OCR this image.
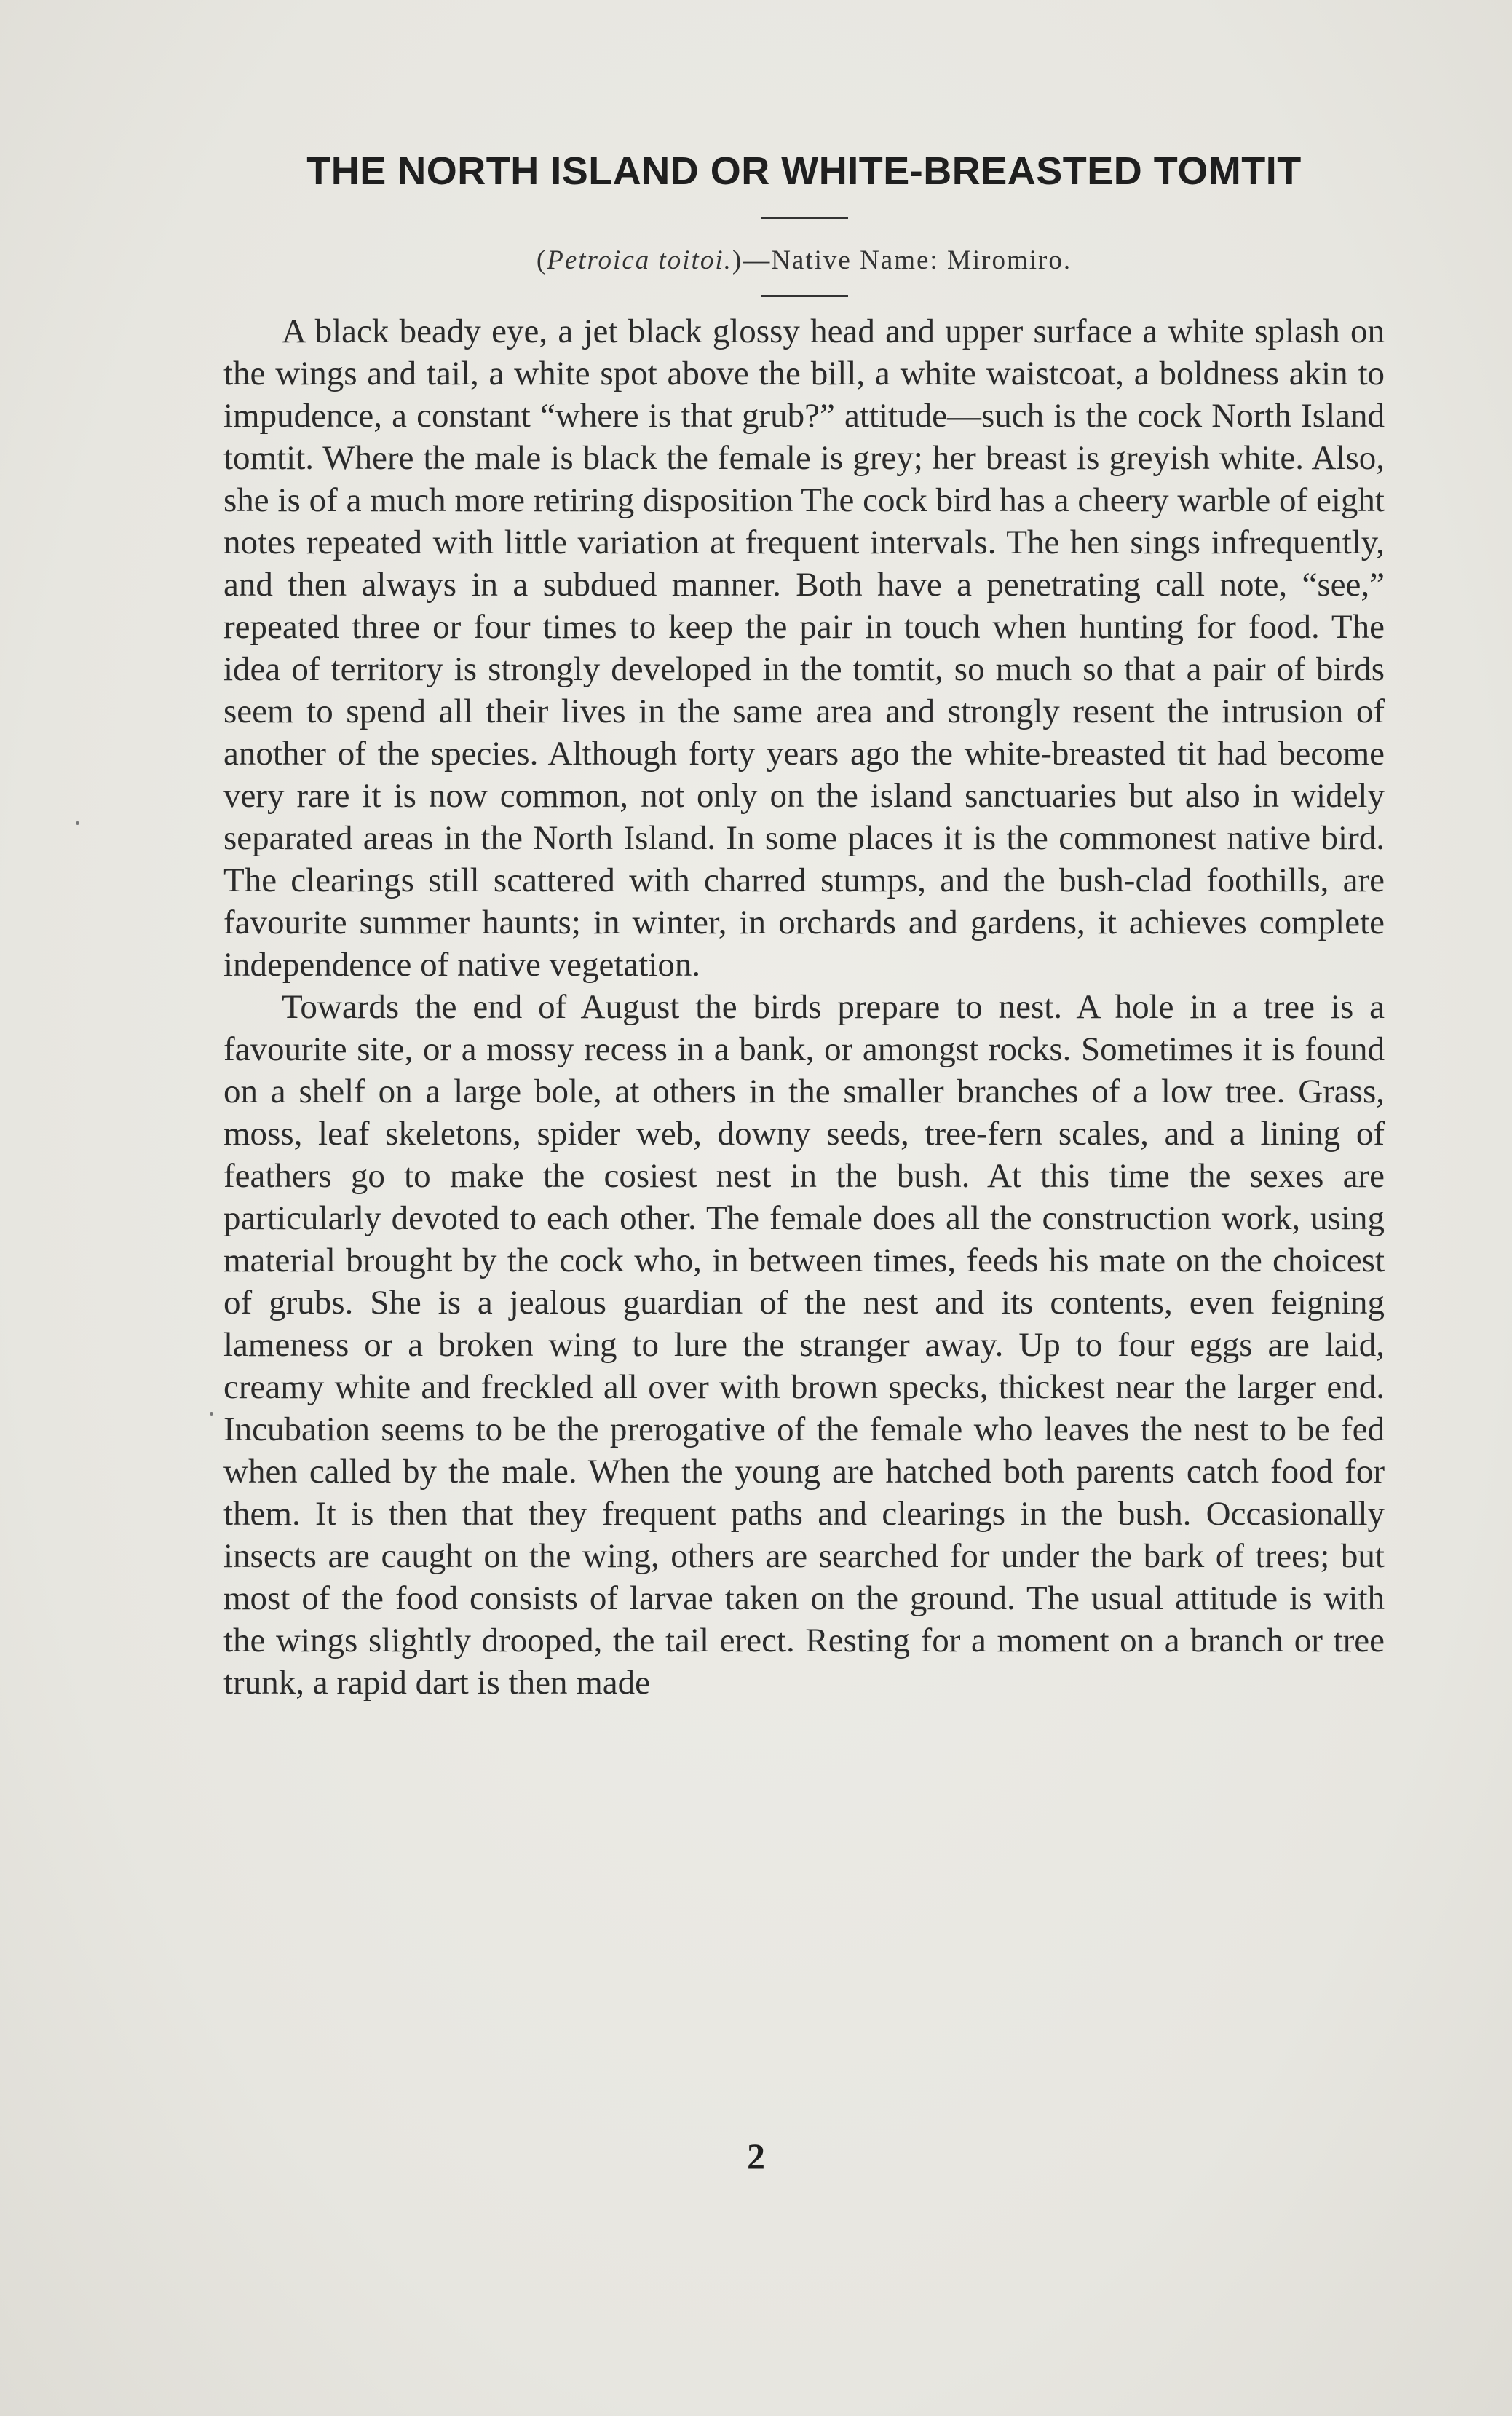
THE NORTH ISLAND OR WHITE-BREASTED TOMTIT
(Petroica toitoi.)—Native Name: Miromiro.

A black beady eye, a jet black glossy head and upper surface a white splash on the wings and tail, a white spot above the bill, a white waistcoat, a boldness akin to impudence, a constant “where is that grub?” attitude—such is the cock North Island tomtit. Where the male is black the female is grey; her breast is greyish white. Also, she is of a much more retiring disposition The cock bird has a cheery warble of eight notes repeated with little variation at frequent intervals. The hen sings infrequently, and then always in a subdued manner. Both have a penetrating call note, “see,” repeated three or four times to keep the pair in touch when hunting for food. The idea of territory is strongly developed in the tomtit, so much so that a pair of birds seem to spend all their lives in the same area and strongly resent the intrusion of another of the species. Although forty years ago the white-breasted tit had become very rare it is now common, not only on the island sanctuaries but also in widely separated areas in the North Island. In some places it is the commonest native bird. The clearings still scattered with charred stumps, and the bush-clad foothills, are favourite summer haunts; in winter, in orchards and gardens, it achieves complete independence of native vegetation.

Towards the end of August the birds prepare to nest. A hole in a tree is a favourite site, or a mossy recess in a bank, or amongst rocks. Sometimes it is found on a shelf on a large bole, at others in the smaller branches of a low tree. Grass, moss, leaf skeletons, spider web, downy seeds, tree-fern scales, and a lining of feathers go to make the cosiest nest in the bush. At this time the sexes are particularly devoted to each other. The female does all the construction work, using material brought by the cock who, in between times, feeds his mate on the choicest of grubs. She is a jealous guardian of the nest and its contents, even feigning lameness or a broken wing to lure the stranger away. Up to four eggs are laid, creamy white and freckled all over with brown specks, thickest near the larger end. Incubation seems to be the prerogative of the female who leaves the nest to be fed when called by the male. When the young are hatched both parents catch food for them. It is then that they frequent paths and clearings in the bush. Occasionally insects are caught on the wing, others are searched for under the bark of trees; but most of the food consists of larvae taken on the ground. The usual attitude is with the wings slightly drooped, the tail erect. Resting for a moment on a branch or tree trunk, a rapid dart is then made

2
